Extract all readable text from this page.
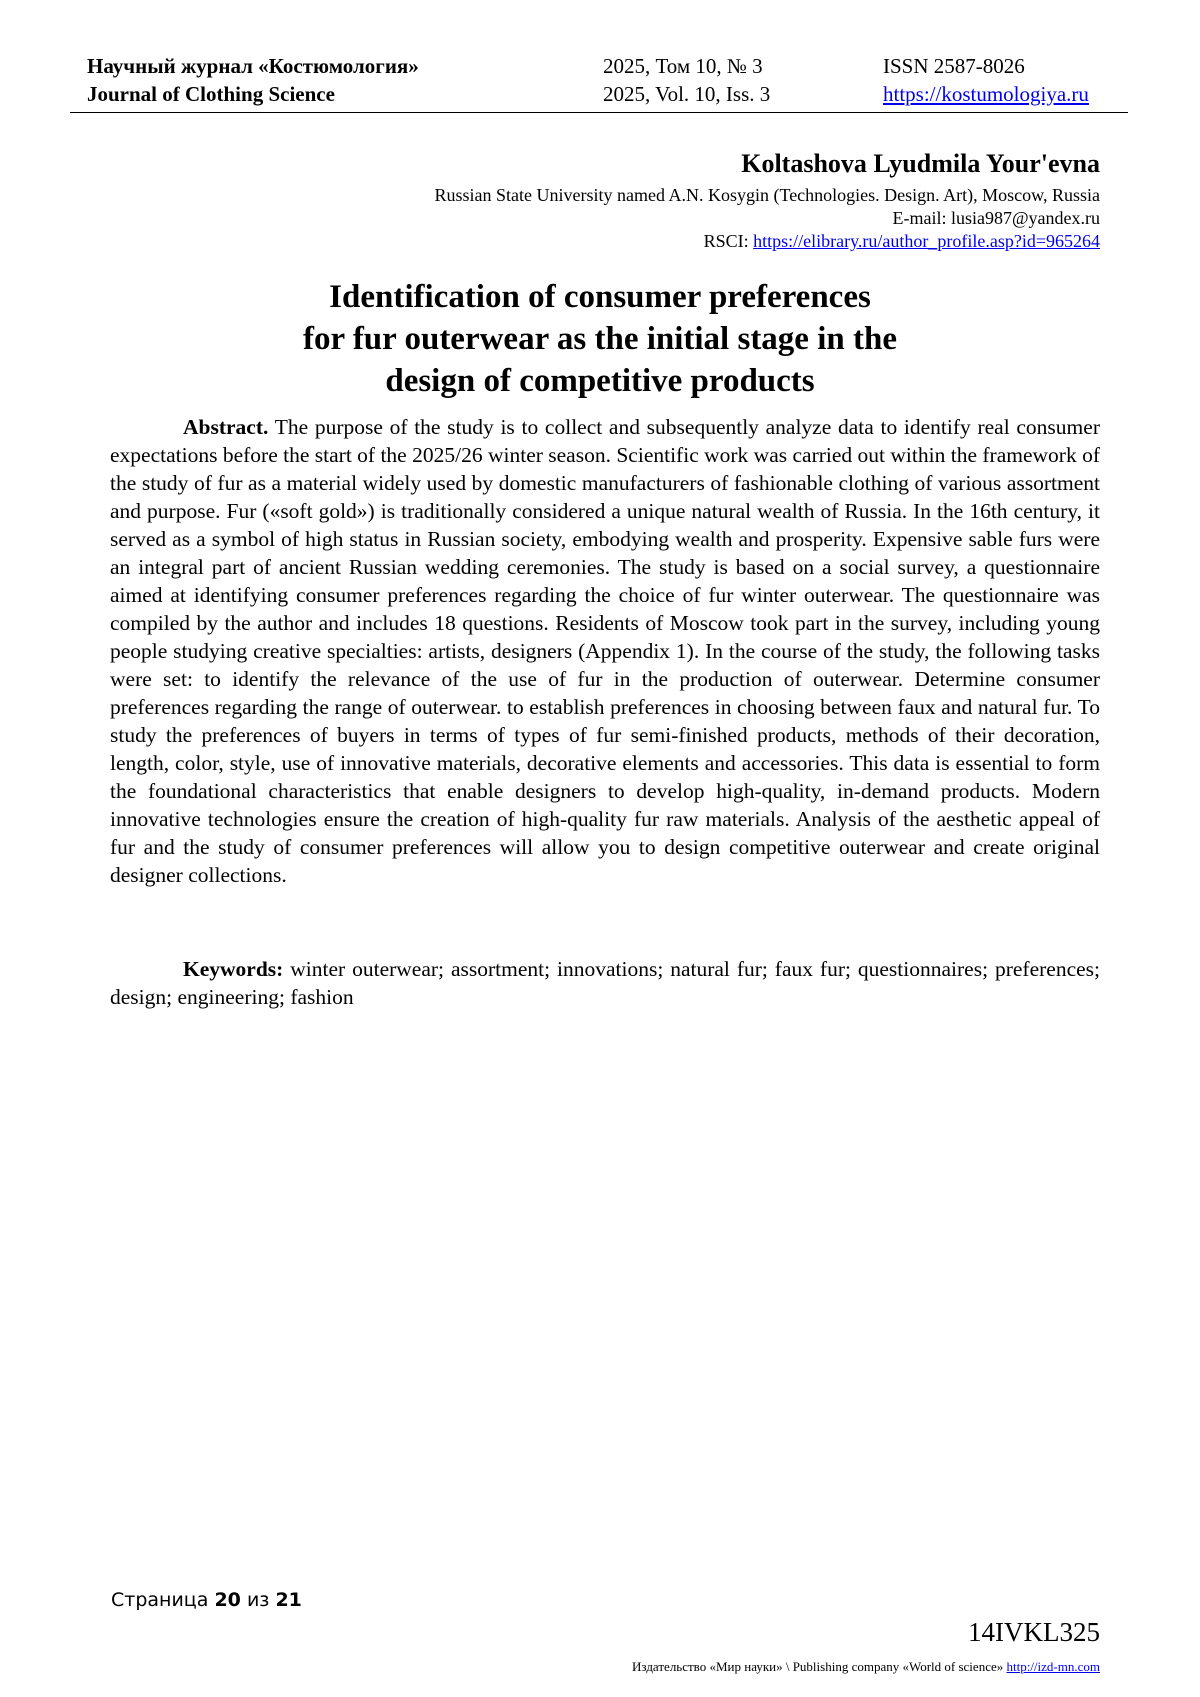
Научный журнал «Костюмология»
Journal of Clothing Science
2025, Том 10, № 3
2025, Vol. 10, Iss. 3
ISSN 2587-8026
https://kostumologiya.ru
Koltashova Lyudmila Your'evna
Russian State University named A.N. Kosygin (Technologies. Design. Art), Moscow, Russia
E-mail: lusia987@yandex.ru
RSCI: https://elibrary.ru/author_profile.asp?id=965264
Identification of consumer preferences
for fur outerwear as the initial stage in the
design of competitive products

Abstract. The purpose of the study is to collect and subsequently analyze data to identify real consumer expectations before the start of the 2025/26 winter season. Scientific work was carried out within the framework of the study of fur as a material widely used by domestic manufacturers of fashionable clothing of various assortment and purpose. Fur («soft gold») is traditionally considered a unique natural wealth of Russia. In the 16th century, it served as a symbol of high status in Russian society, embodying wealth and prosperity. Expensive sable furs were an integral part of ancient Russian wedding ceremonies. The study is based on a social survey, a questionnaire aimed at identifying consumer preferences regarding the choice of fur winter outerwear. The questionnaire was compiled by the author and includes 18 questions. Residents of Moscow took part in the survey, including young people studying creative specialties: artists, designers (Appendix 1). In the course of the study, the following tasks were set: to identify the relevance of the use of fur in the production of outerwear. Determine consumer preferences regarding the range of outerwear. to establish preferences in choosing between faux and natural fur. To study the preferences of buyers in terms of types of fur semi-finished products, methods of their decoration, length, color, style, use of innovative materials, decorative elements and accessories. This data is essential to form the foundational characteristics that enable designers to develop high-quality, in-demand products. Modern innovative technologies ensure the creation of high-quality fur raw materials. Analysis of the aesthetic appeal of fur and the study of consumer preferences will allow you to design competitive outerwear and create original designer collections.

Keywords: winter outerwear; assortment; innovations; natural fur; faux fur; questionnaires; preferences; design; engineering; fashion

Страница 20 из 21
14IVKL325
Издательство «Мир науки» \ Publishing company «World of science» http://izd-mn.com
